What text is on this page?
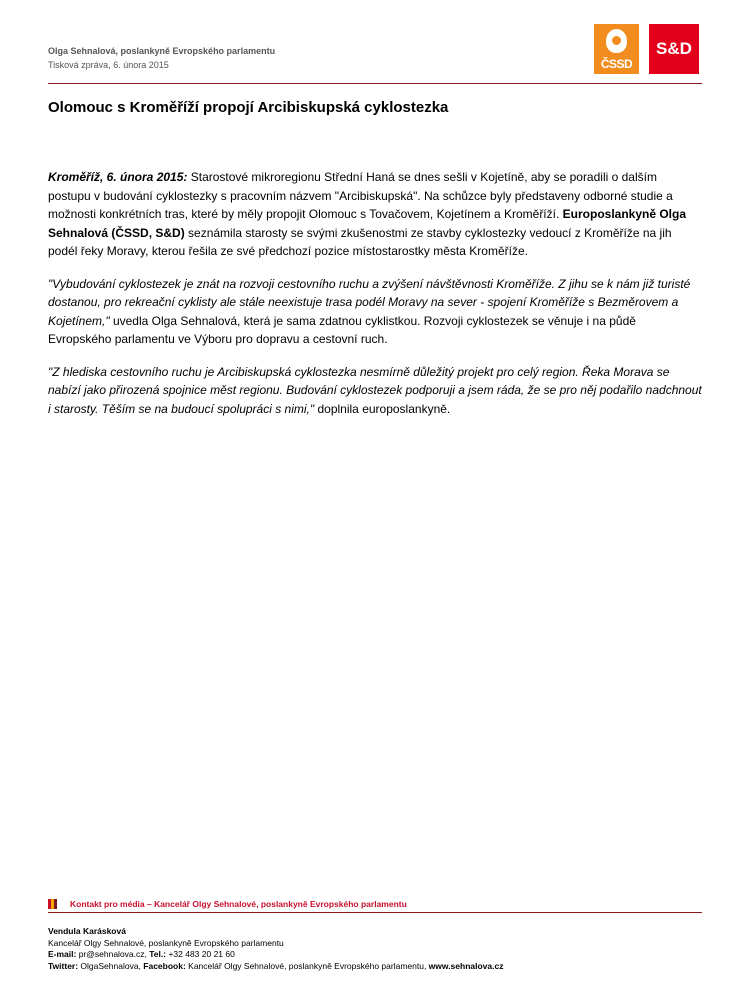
Olga Sehnalová, poslankyně Evropského parlamentu
Tisková zpráva, 6. února 2015	ČSSD
S&D
Olomouc s Kroměříží propojí Arcibiskupská cyklostezka

Kroměříž, 6. února 2015: Starostové mikroregionu Střední Haná se dnes sešli v Kojetíně, aby se poradili o dalším postupu v budování cyklostezky s pracovním názvem "Arcibiskupská". Na schůzce byly představeny odborné studie a možnosti konkrétních tras, které by měly propojit Olomouc s Tovačovem, Kojetínem a Kroměříží. Europoslankyně Olga Sehnalová (ČSSD, S&D) seznámila starosty se svými zkušenostmi ze stavby cyklostezky vedoucí z Kroměříže na jih podél řeky Moravy, kterou řešila ze své předchozí pozice místostarostky města Kroměříže.

"Vybudování cyklostezek je znát na rozvoji cestovního ruchu a zvýšení návštěvnosti Kroměříže. Z jihu se k nám již turisté dostanou, pro rekreační cyklisty ale stále neexistuje trasa podél Moravy na sever - spojení Kroměříže s Bezměrovem a Kojetínem," uvedla Olga Sehnalová, která je sama zdatnou cyklistkou. Rozvoji cyklostezek se věnuje i na půdě Evropského parlamentu ve Výboru pro dopravu a cestovní ruch.

"Z hlediska cestovního ruchu je Arcibiskupská cyklostezka nesmírně důležitý projekt pro celý region. Řeka Morava se nabízí jako přirozená spojnice měst regionu. Budování cyklostezek podporuji a jsem ráda, že se pro něj podařilo nadchnout i starosty. Těším se na budoucí spolupráci s nimi," doplnila europoslankyně.

Kontakt pro média – Kancelář Olgy Sehnalové, poslankyně Evropského parlamentu
Vendula Karásková
Kancelář Olgy Sehnalové, poslankyně Evropského parlamentu
E-mail: pr@sehnalova.cz, Tel.: +32 483 20 21 60
Twitter: OlgaSehnalova, Facebook: Kancelář Olgy Sehnalové, poslankyně Evropského parlamentu, www.sehnalova.cz
